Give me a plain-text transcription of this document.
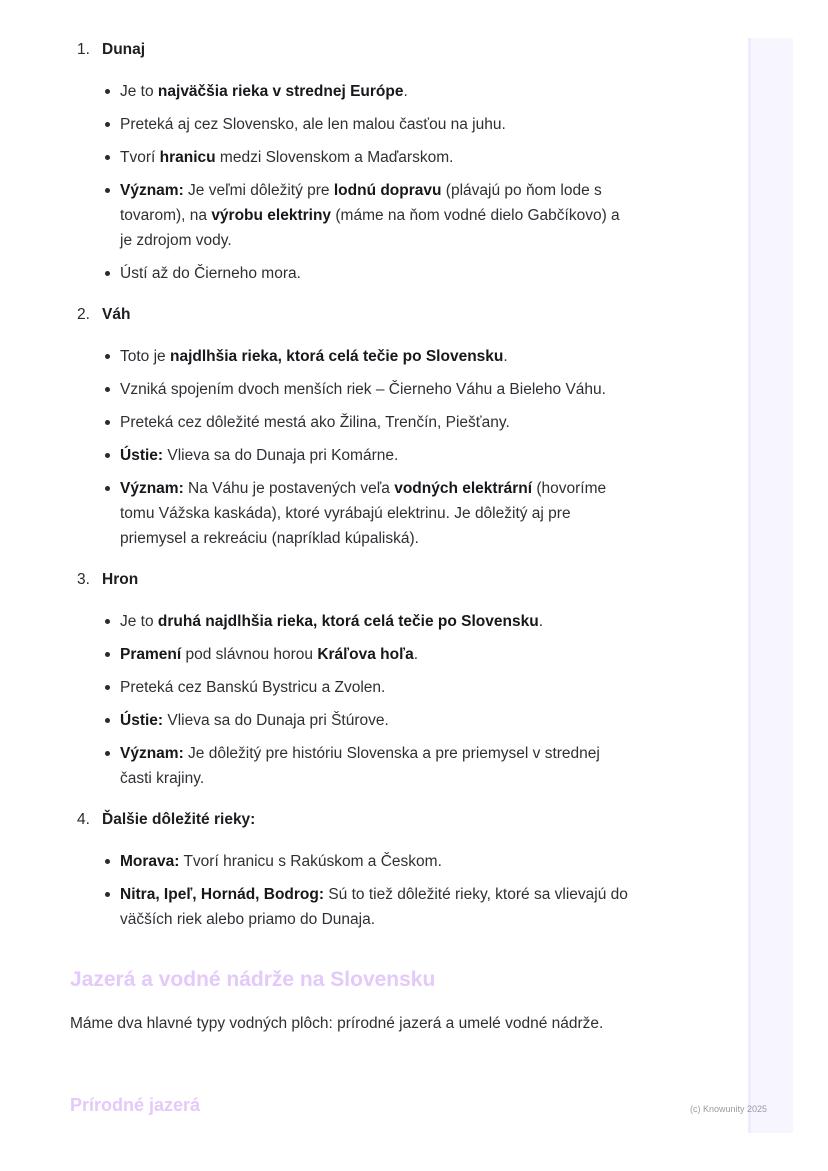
1. Dunaj

Je to najväčšia rieka v strednej Európe.
Preteká aj cez Slovensko, ale len malou časťou na juhu.
Tvorí hranicu medzi Slovenskom a Maďarskom.
Význam: Je veľmi dôležitý pre lodnú dopravu (plávajú po ňom lode s tovarom), na výrobu elektriny (máme na ňom vodné dielo Gabčíkovo) a je zdrojom vody.
Ústí až do Čierneho mora.

2. Váh

Toto je najdlhšia rieka, ktorá celá tečie po Slovensku.
Vzniká spojením dvoch menších riek – Čierneho Váhu a Bieleho Váhu.
Preteká cez dôležité mestá ako Žilina, Trenčín, Piešťany.
Ústie: Vlieva sa do Dunaja pri Komárne.
Význam: Na Váhu je postavených veľa vodných elektrární (hovoríme tomu Vážska kaskáda), ktoré vyrábajú elektrinu. Je dôležitý aj pre priemysel a rekreáciu (napríklad kúpaliská).

3. Hron

Je to druhá najdlhšia rieka, ktorá celá tečie po Slovensku.
Pramení pod slávnou horou Kráľova hoľa.
Preteká cez Banskú Bystricu a Zvolen.
Ústie: Vlieva sa do Dunaja pri Štúrove.
Význam: Je dôležitý pre históriu Slovenska a pre priemysel v strednej časti krajiny.

4. Ďalšie dôležité rieky:

Morava: Tvorí hranicu s Rakúskom a Českom.
Nitra, Ipeľ, Hornád, Bodrog: Sú to tiež dôležité rieky, ktoré sa vlievajú do väčších riek alebo priamo do Dunaja.
Jazerá a vodné nádrže na Slovensku
Máme dva hlavné typy vodných plôch: prírodné jazerá a umelé vodné nádrže.
Prírodné jazerá	(c) Knowunity 2025
